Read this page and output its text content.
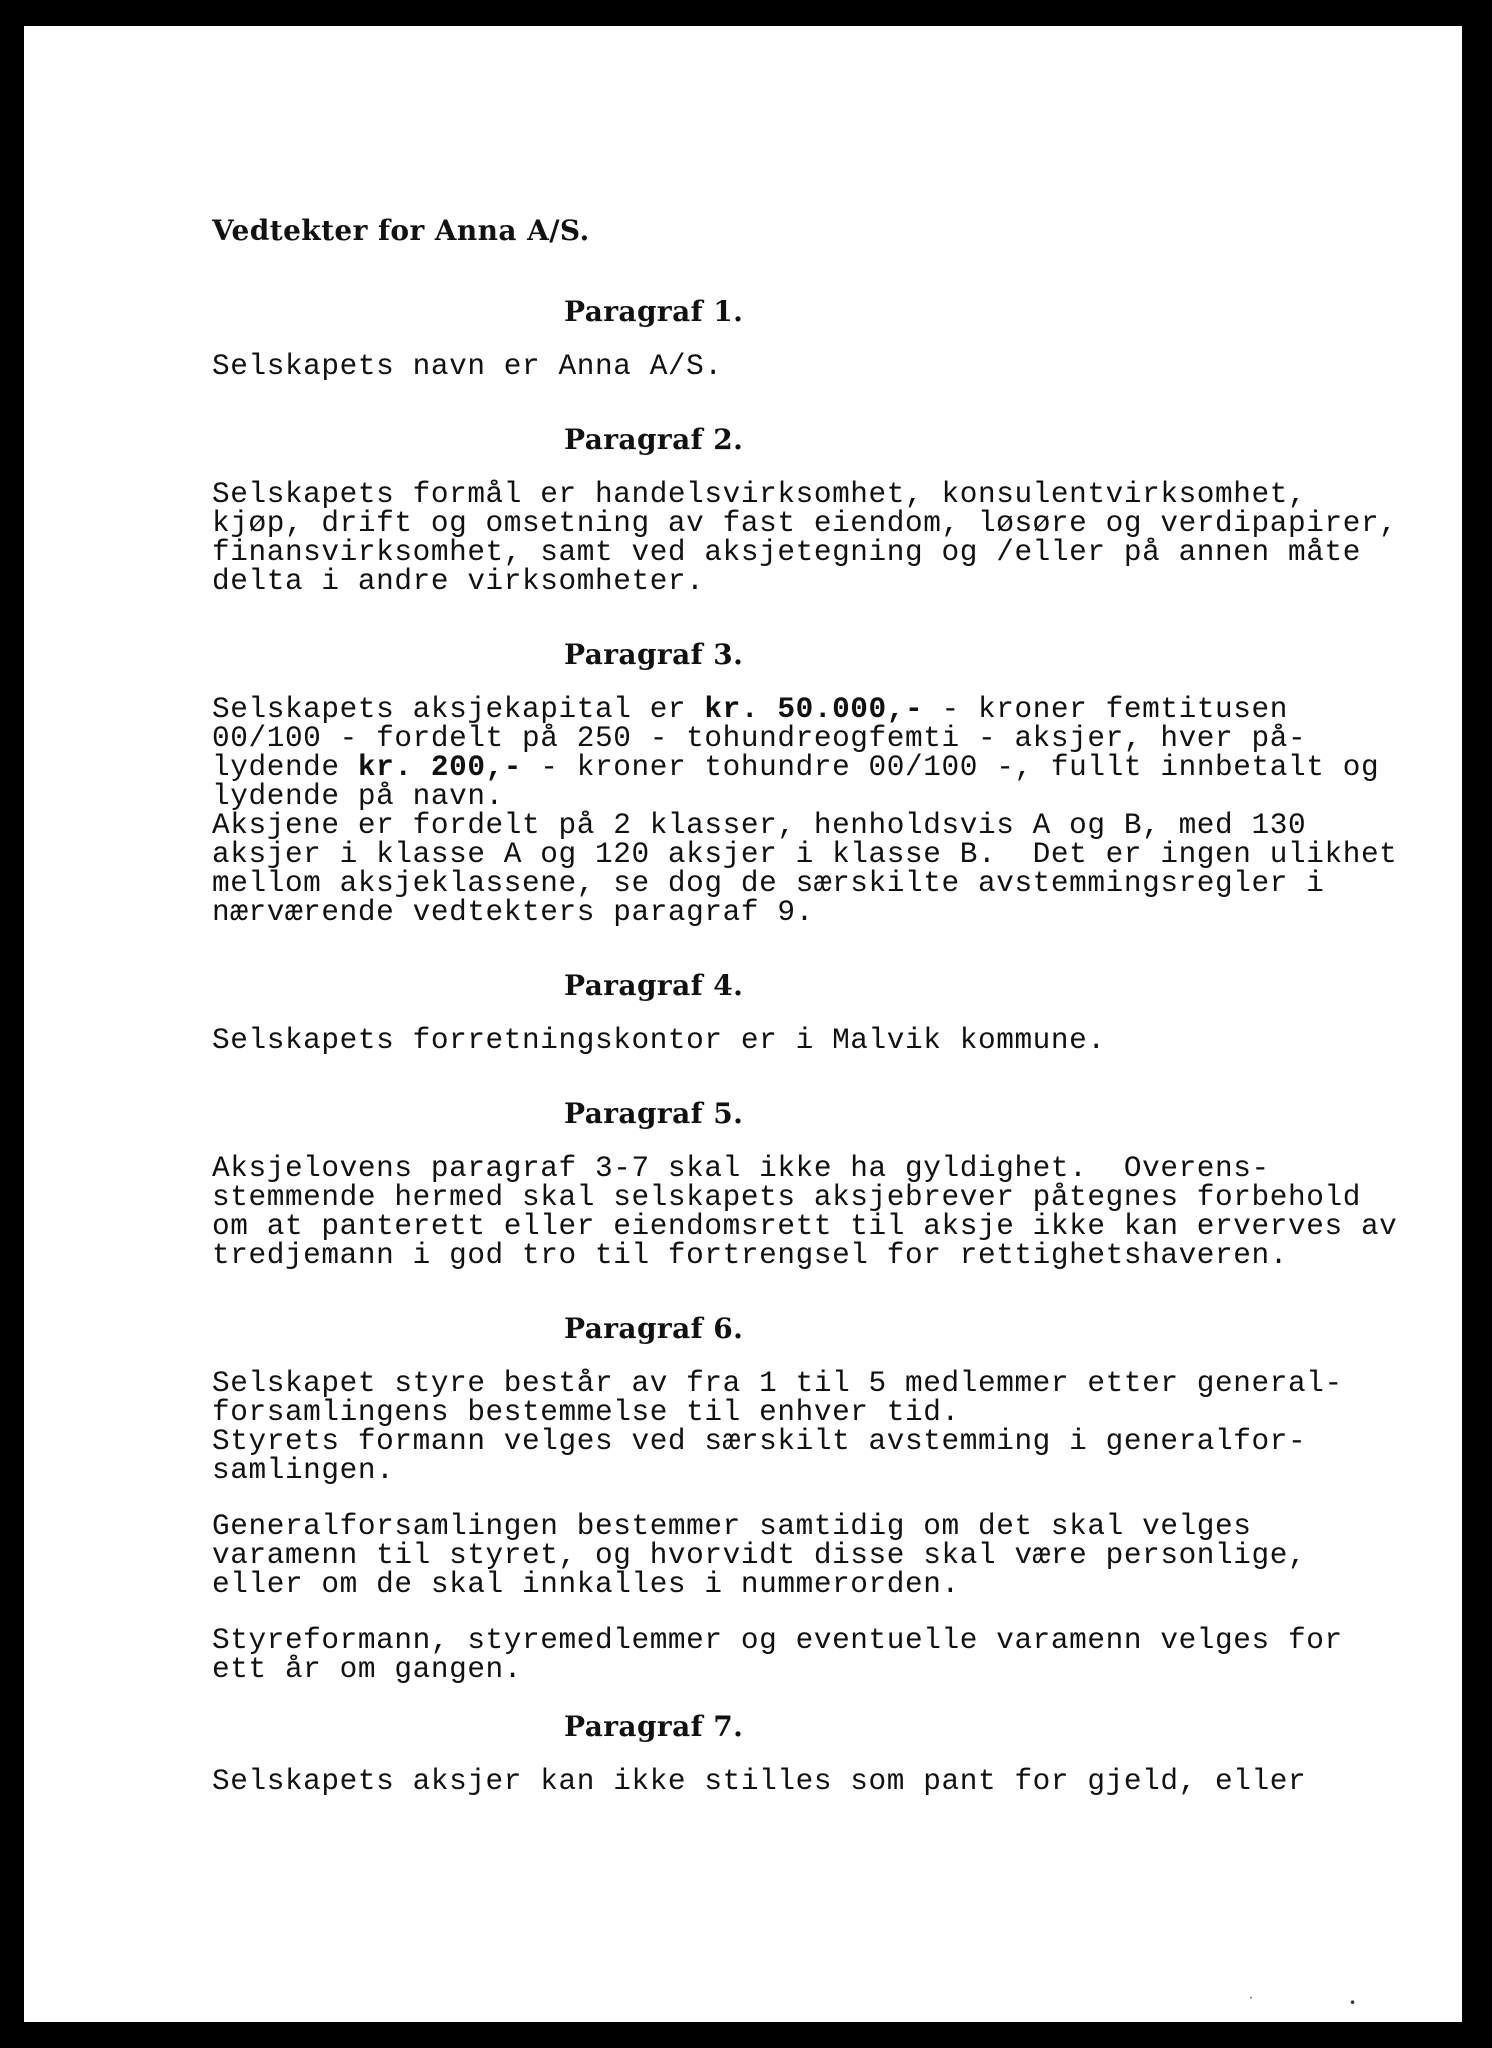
Vedtekter for Anna A/S.
Paragraf 1.
Selskapets navn er Anna A/S.
Paragraf 2.
Selskapets formål er handelsvirksomhet, konsulentvirksomhet,
kjøp, drift og omsetning av fast eiendom, løsøre og verdipapirer,
finansvirksomhet, samt ved aksjetegning og /eller på annen måte
delta i andre virksomheter.
Paragraf 3.
Selskapets aksjekapital er kr. 50.000,- - kroner femtitusen
00/100 - fordelt på 250 - tohundreogfemti - aksjer, hver på-
lydende kr. 200,- - kroner tohundre 00/100 -, fullt innbetalt og
lydende på navn.
Aksjene er fordelt på 2 klasser, henholdsvis A og B, med 130
aksjer i klasse A og 120 aksjer i klasse B.  Det er ingen ulikhet
mellom aksjeklassene, se dog de særskilte avstemmingsregler i
nærværende vedtekters paragraf 9.
Paragraf 4.
Selskapets forretningskontor er i Malvik kommune.
Paragraf 5.
Aksjelovens paragraf 3-7 skal ikke ha gyldighet.  Overens-
stemmende hermed skal selskapets aksjebrever påtegnes forbehold
om at panterett eller eiendomsrett til aksje ikke kan erverves av
tredjemann i god tro til fortrengsel for rettighetshaveren.
Paragraf 6.
Selskapet styre består av fra 1 til 5 medlemmer etter general-
forsamlingens bestemmelse til enhver tid.
Styrets formann velges ved særskilt avstemming i generalfor-
samlingen.
Generalforsamlingen bestemmer samtidig om det skal velges
varamenn til styret, og hvorvidt disse skal være personlige,
eller om de skal innkalles i nummerorden.
Styreformann, styremedlemmer og eventuelle varamenn velges for
ett år om gangen.
Paragraf 7.
Selskapets aksjer kan ikke stilles som pant for gjeld, eller
·	•
